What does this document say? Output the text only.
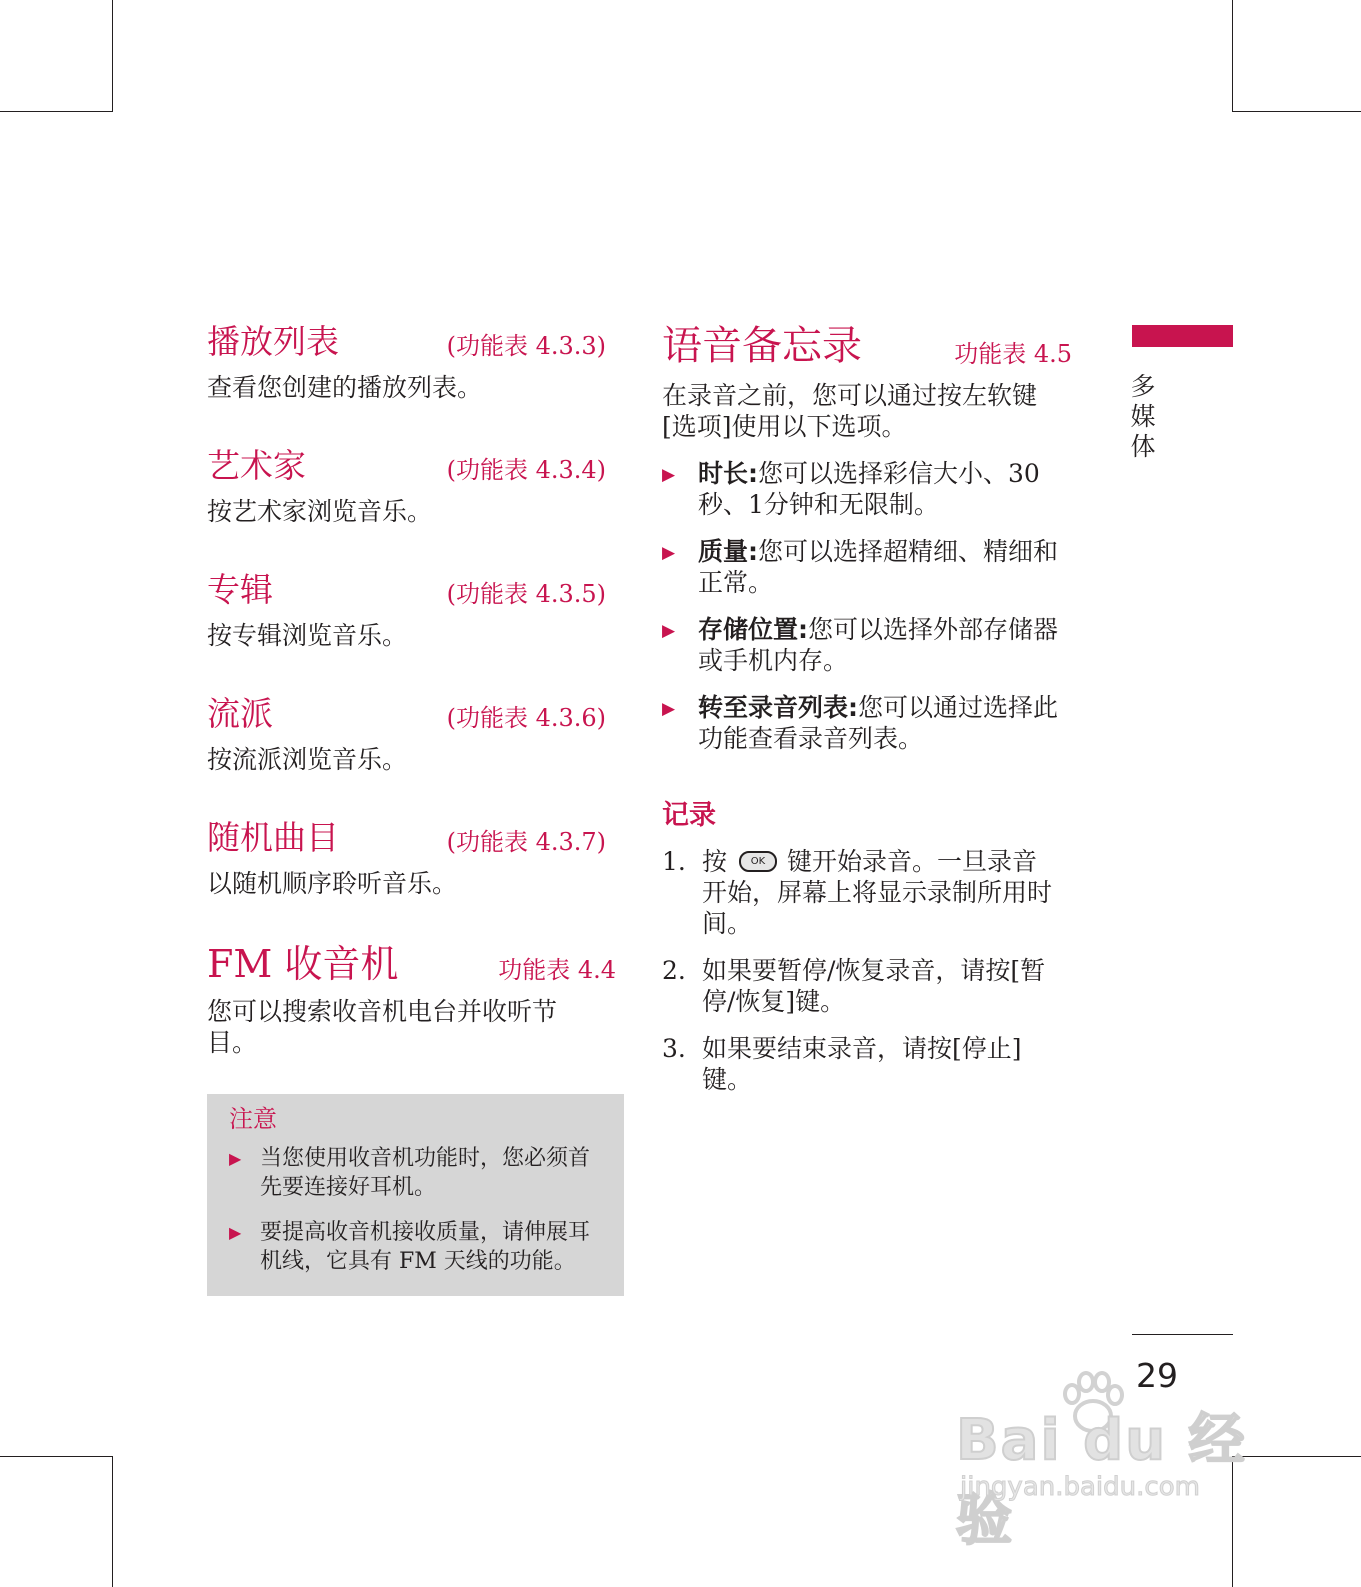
播放列表	(功能表 4.3.3)
查看您创建的播放列表。
艺术家	(功能表 4.3.4)
按艺术家浏览音乐。
专辑	(功能表 4.3.5)
按专辑浏览音乐。
流派	(功能表 4.3.6)
按流派浏览音乐。
随机曲目	(功能表 4.3.7)
以随机顺序聆听音乐。
FM 收音机	功能表 4.4
您可以搜索收音机电台并收听节目。
注意
▶ 当您使用收音机功能时，您必须首先要连接好耳机。
▶ 要提高收音机接收质量，请伸展耳机线，它具有 FM 天线的功能。
语音备忘录	功能表 4.5
在录音之前，您可以通过按左软键[选项]使用以下选项。
▶ 时长:您可以选择彩信大小、30秒、1分钟和无限制。
▶ 质量:您可以选择超精细、精细和正常。
▶ 存储位置:您可以选择外部存储器或手机内存。
▶ 转至录音列表:您可以通过选择此功能查看录音列表。
记录
1. 按 OK 键开始录音。一旦录音开始，屏幕上将显示录制所用时间。
2. 如果要暂停/恢复录音，请按[暂停/恢复]键。
3. 如果要结束录音，请按[停止]键。
多
媒
体
29
Bai du 经验
jingyan.baidu.com
